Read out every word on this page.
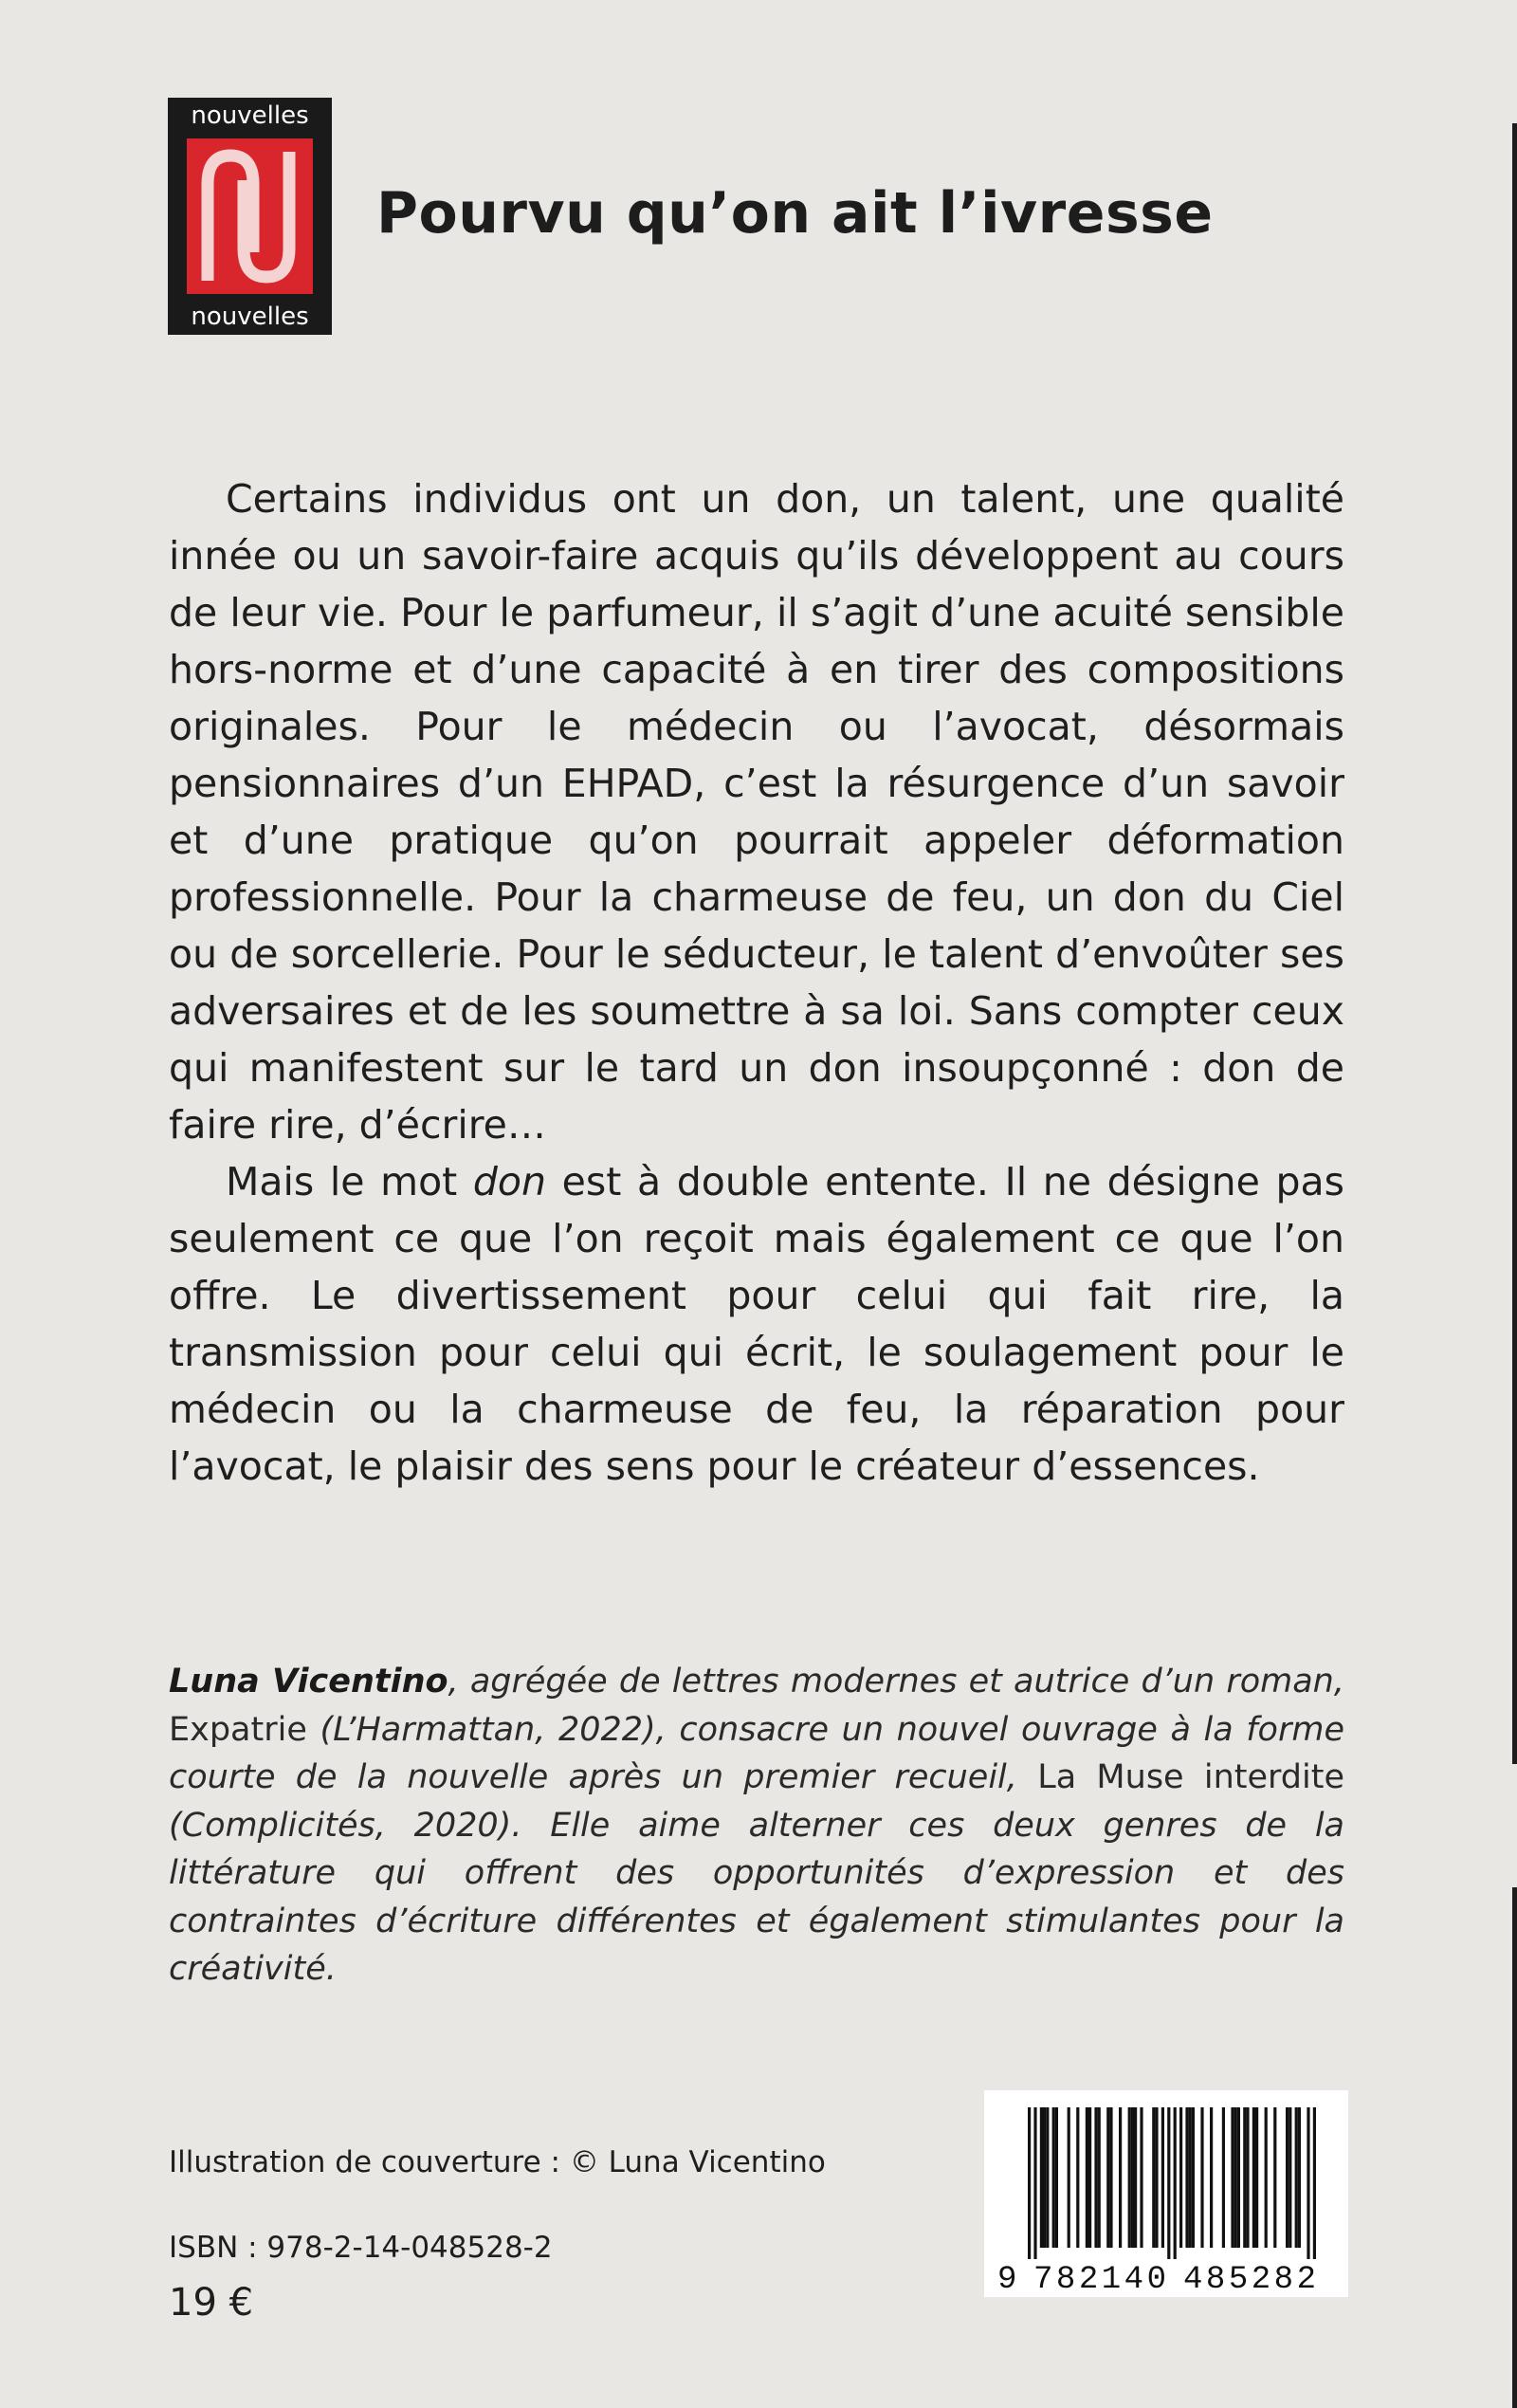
nouvelles
nouvelles
Pourvu qu’on ait l’ivresse

Certains individus ont un don, un talent, une qualité innée ou un savoir-faire acquis qu’ils développent au cours de leur vie. Pour le parfumeur, il s’agit d’une acuité sensible hors-norme et d’une capacité à en tirer des compositions originales. Pour le médecin ou l’avocat, désormais pensionnaires d’un EHPAD, c’est la résurgence d’un savoir et d’une pratique qu’on pourrait appeler déformation professionnelle. Pour la charmeuse de feu, un don du Ciel ou de sorcellerie. Pour le séducteur, le talent d’envoûter ses adversaires et de les soumettre à sa loi. Sans compter ceux qui manifestent sur le tard un don insoupçonné : don de faire rire, d’écrire…

Mais le mot don est à double entente. Il ne désigne pas seulement ce que l’on reçoit mais également ce que l’on offre. Le divertissement pour celui qui fait rire, la transmission pour celui qui écrit, le soulagement pour le médecin ou la charmeuse de feu, la réparation pour l’avocat, le plaisir des sens pour le créateur d’essences.

Luna Vicentino, agrégée de lettres modernes et autrice d’un roman, Expatrie (L’Harmattan, 2022), consacre un nouvel ouvrage à la forme courte de la nouvelle après un premier recueil, La Muse interdite (Complicités, 2020). Elle aime alterner ces deux genres de la littérature qui offrent des opportunités d’expression et des contraintes d’écriture différentes et également stimulantes pour la créativité.
Illustration de couverture : © Luna Vicentino
ISBN : 978-2-14-048528-2
19 €
9 782140 485282
